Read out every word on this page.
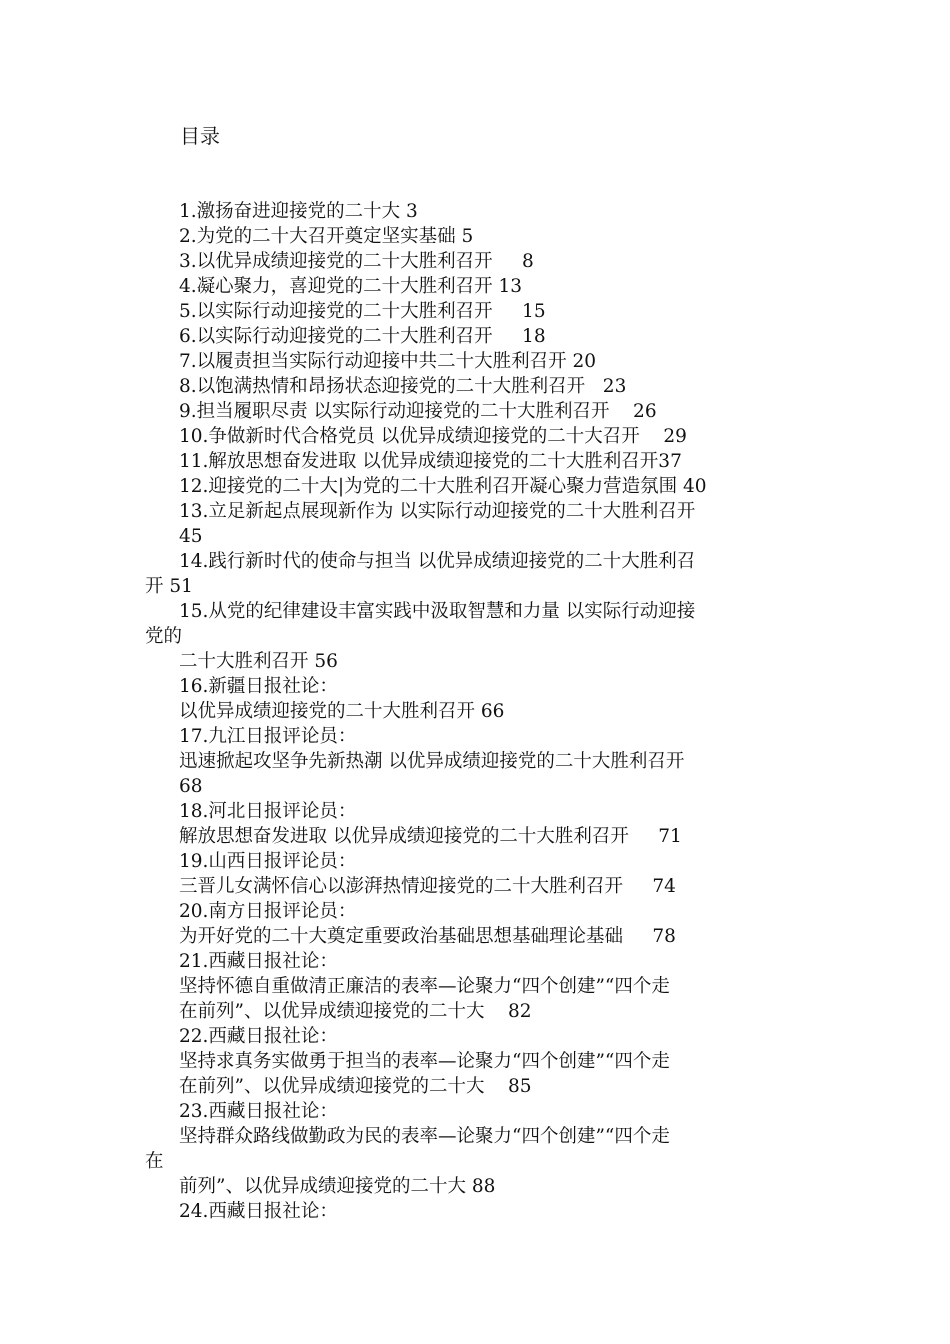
目录
1.激扬奋进迎接党的二十大 3
2.为党的二十大召开奠定坚实基础 5
3.以优异成绩迎接党的二十大胜利召开     8
4.凝心聚力，喜迎党的二十大胜利召开 13
5.以实际行动迎接党的二十大胜利召开     15
6.以实际行动迎接党的二十大胜利召开     18
7.以履责担当实际行动迎接中共二十大胜利召开 20
8.以饱满热情和昂扬状态迎接党的二十大胜利召开   23
9.担当履职尽责 以实际行动迎接党的二十大胜利召开    26
10.争做新时代合格党员 以优异成绩迎接党的二十大召开    29
11.解放思想奋发进取 以优异成绩迎接党的二十大胜利召开37
12.迎接党的二十大|为党的二十大胜利召开凝心聚力营造氛围 40
13.立足新起点展现新作为 以实际行动迎接党的二十大胜利召开
45
14.践行新时代的使命与担当 以优异成绩迎接党的二十大胜利召
开 51
15.从党的纪律建设丰富实践中汲取智慧和力量 以实际行动迎接
党的
二十大胜利召开 56
16.新疆日报社论：
以优异成绩迎接党的二十大胜利召开 66
17.九江日报评论员：
迅速掀起攻坚争先新热潮 以优异成绩迎接党的二十大胜利召开
68
18.河北日报评论员：
解放思想奋发进取 以优异成绩迎接党的二十大胜利召开     71
19.山西日报评论员：
三晋儿女满怀信心以澎湃热情迎接党的二十大胜利召开     74
20.南方日报评论员：
为开好党的二十大奠定重要政治基础思想基础理论基础     78
21.西藏日报社论：
坚持怀德自重做清正廉洁的表率—论聚力“四个创建”“四个走
在前列”、以优异成绩迎接党的二十大    82
22.西藏日报社论：
坚持求真务实做勇于担当的表率—论聚力“四个创建”“四个走
在前列”、以优异成绩迎接党的二十大    85
23.西藏日报社论：
坚持群众路线做勤政为民的表率—论聚力“四个创建”“四个走
在
前列”、以优异成绩迎接党的二十大 88
24.西藏日报社论：
